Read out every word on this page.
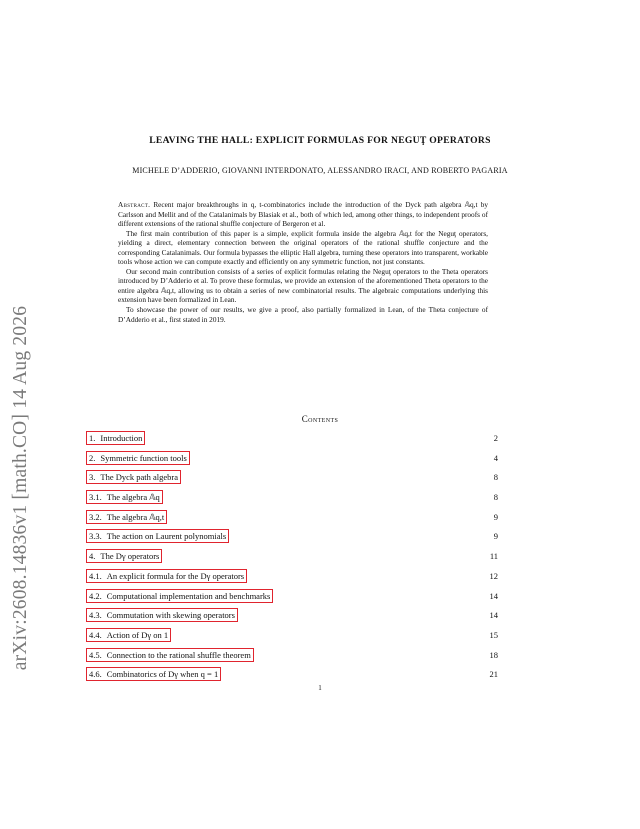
arXiv:2608.14836v1 [math.CO] 14 Aug 2026
LEAVING THE HALL: EXPLICIT FORMULAS FOR NEGUŢ OPERATORS
MICHELE D’ADDERIO, GIOVANNI INTERDONATO, ALESSANDRO IRACI, AND ROBERTO PAGARIA

Abstract. Recent major breakthroughs in q, t-combinatorics include the introduction of the Dyck path algebra 𝔸q,t by Carlsson and Mellit and of the Catalanimals by Blasiak et al., both of which led, among other things, to independent proofs of different extensions of the rational shuffle conjecture of Bergeron et al.

The first main contribution of this paper is a simple, explicit formula inside the algebra 𝔸q,t for the Neguţ operators, yielding a direct, elementary connection between the original operators of the rational shuffle conjecture and the corresponding Catalanimals. Our formula bypasses the elliptic Hall algebra, turning these operators into transparent, workable tools whose action we can compute exactly and efficiently on any symmetric function, not just constants.

Our second main contribution consists of a series of explicit formulas relating the Neguţ operators to the Theta operators introduced by D’Adderio et al. To prove these formulas, we provide an extension of the aforementioned Theta operators to the entire algebra 𝔸q,t, allowing us to obtain a series of new combinatorial results. The algebraic computations underlying this extension have been formalized in Lean.

To showcase the power of our results, we give a proof, also partially formalized in Lean, of the Theta conjecture of D’Adderio et al., first stated in 2019.

Contents
1. Introduction	2
2. Symmetric function tools	4
3. The Dyck path algebra	8
3.1. The algebra 𝔸q	8
3.2. The algebra 𝔸q,t	9
3.3. The action on Laurent polynomials	9
4. The Dγ operators	11
4.1. An explicit formula for the Dγ operators	12
4.2. Computational implementation and benchmarks	14
4.3. Commutation with skewing operators	14
4.4. Action of Dγ on 1	15
4.5. Connection to the rational shuffle theorem	18
4.6. Combinatorics of Dγ when q = 1	21
1
